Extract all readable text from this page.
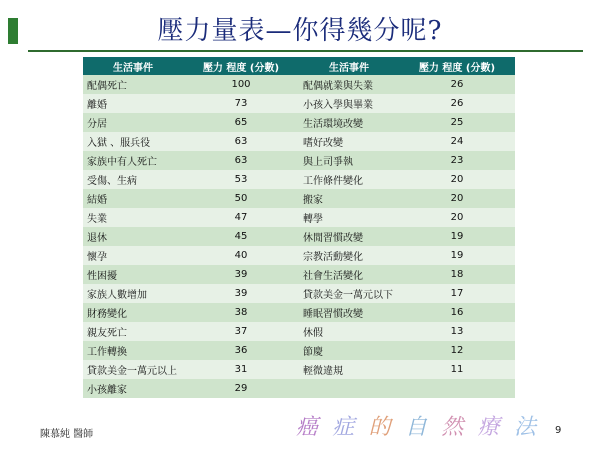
壓力量表—你得幾分呢?
生活事件	壓力 程度 (分數)	生活事件	壓力 程度 (分數)
配偶死亡	100	配偶就業與失業	26
離婚	73	小孩入學與畢業	26
分居	65	生活環境改變	25
入獄 、服兵役	63	嗜好改變	24
家族中有人死亡	63	與上司爭執	23
受傷、生病	53	工作條件變化	20
結婚	50	搬家	20
失業	47	轉學	20
退休	45	休閒習慣改變	19
懷孕	40	宗教活動變化	19
性困擾	39	社會生活變化	18
家族人數增加	39	貸款美金一萬元以下	17
財務變化	38	睡眠習慣改變	16
親友死亡	37	休假	13
工作轉換	36	節慶	12
貸款美金一萬元以上	31	輕微違規	11
小孩離家	29		
陳慕純 醫師	癌 症 的 自 然 療 法 9
